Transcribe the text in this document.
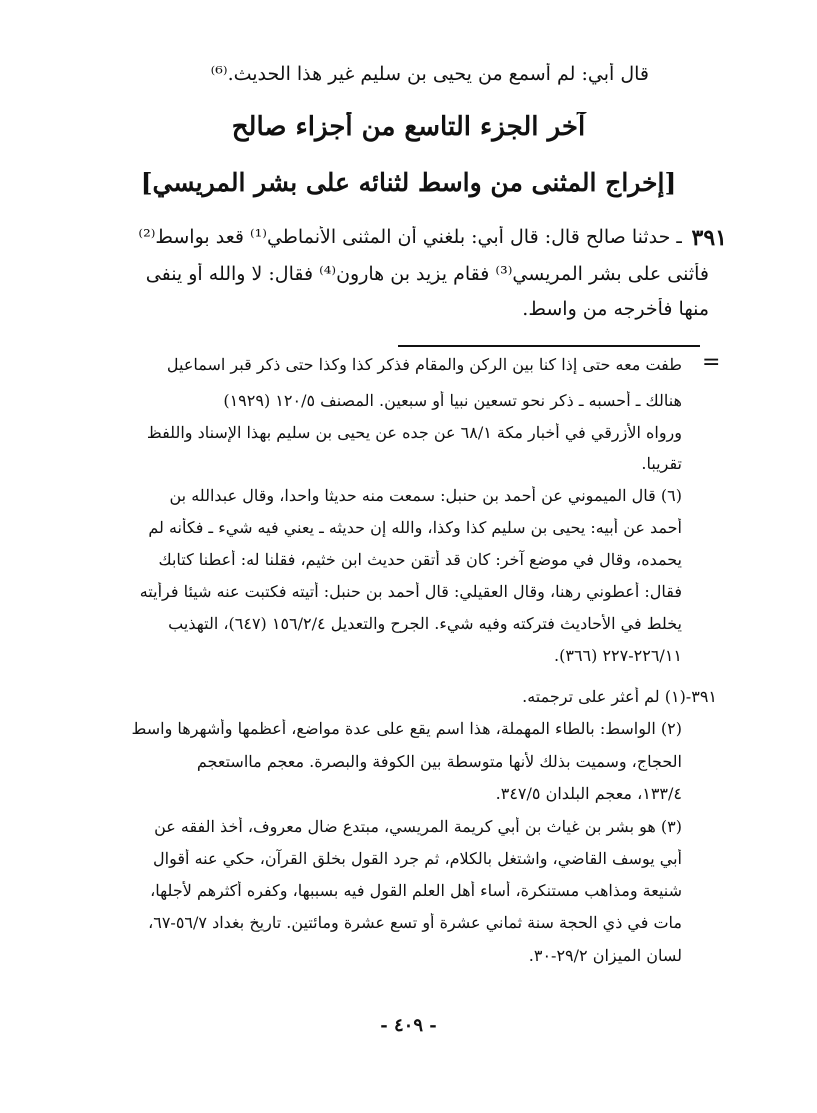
قال أبي: لم أسمع من يحيى بن سليم غير هذا الحديث.⁽⁶⁾

آخر الجزء التاسع من أجزاء صالح
[إخراج المثنى من واسط لثنائه على بشر المريسي]
٣٩١

ـ حدثنا صالح قال: قال أبي: بلغني أن المثنى الأنماطي⁽¹⁾ قعد بواسط⁽²⁾

فأثنى على بشر المريسي⁽³⁾ فقام يزيد بن هارون⁽⁴⁾ فقال: لا والله أو ينفى

منها فأخرجه من واسط.

=

طفت معه حتى إذا كنا بين الركن والمقام فذكر كذا وكذا حتى ذكر قبر اسماعيل

هنالك ـ أحسبه ـ ذكر نحو تسعين نبيا أو سبعين. المصنف ١٢٠/٥ (١٩٢٩)

ورواه الأزرقي في أخبار مكة ٦٨/١ عن جده عن يحيى بن سليم بهذا الإسناد واللفظ

تقريبا.

(٦) قال الميموني عن أحمد بن حنبل: سمعت منه حديثا واحدا، وقال عبدالله بن

أحمد عن أبيه: يحيى بن سليم كذا وكذا، والله إن حديثه ـ يعني فيه شيء ـ فكأنه لم

يحمده، وقال في موضع آخر: كان قد أتقن حديث ابن خثيم، فقلنا له: أعطنا كتابك

فقال: أعطوني رهنا، وقال العقيلي: قال أحمد بن حنبل: أتيته فكتبت عنه شيئا فرأيته

يخلط في الأحاديث فتركته وفيه شيء. الجرح والتعديل ١٥٦/٢/٤ (٦٤٧)، التهذيب

٢٢٦/١١-٢٢٧ (٣٦٦).

٣٩١-(١) لم أعثر على ترجمته.

(٢) الواسط: بالطاء المهملة، هذا اسم يقع على عدة مواضع، أعظمها وأشهرها واسط

الحجاج، وسميت بذلك لأنها متوسطة بين الكوفة والبصرة. معجم مااستعجم

١٣٣/٤، معجم البلدان ٣٤٧/٥.

(٣) هو بشر بن غياث بن أبي كريمة المريسي، مبتدع ضال معروف، أخذ الفقه عن

أبي يوسف القاضي، واشتغل بالكلام، ثم جرد القول بخلق القرآن، حكي عنه أقوال

شنيعة ومذاهب مستنكرة، أساء أهل العلم القول فيه بسببها، وكفره أكثرهم لأجلها،

مات في ذي الحجة سنة ثماني عشرة أو تسع عشرة ومائتين. تاريخ بغداد ٥٦/٧-٦٧،

لسان الميزان ٢٩/٢-٣٠.

- ٤٠٩ -
